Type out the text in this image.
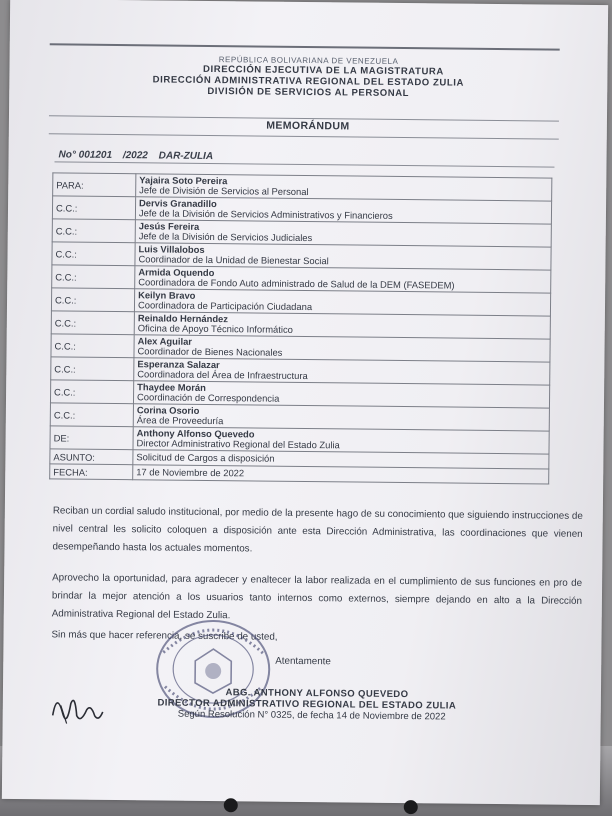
REPÚBLICA BOLIVARIANA DE VENEZUELA
DIRECCIÓN EJECUTIVA DE LA MAGISTRATURA
DIRECCIÓN ADMINISTRATIVA REGIONAL DEL ESTADO ZULIA
DIVISIÓN DE SERVICIOS AL PERSONAL
MEMORÁNDUM
No° 001201 /2022 DAR-ZULIA
PARA:	Yajaira Soto Pereira
Jefe de División de Servicios al Personal

C.C.:	Dervis Granadillo
Jefe de la División de Servicios Administrativos y Financieros

C.C.:	Jesús Fereira
Jefe de la División de Servicios Judiciales

C.C.:	Luis Villalobos
Coordinador de la Unidad de Bienestar Social

C.C.:	Armida Oquendo
Coordinadora de Fondo Auto administrado de Salud de la DEM (FASEDEM)

C.C.:	Keilyn Bravo
Coordinadora de Participación Ciudadana

C.C.:	Reinaldo Hernández
Oficina de Apoyo Técnico Informático

C.C.:	Alex Aguilar
Coordinador de Bienes Nacionales

C.C.:	Esperanza Salazar
Coordinadora del Área de Infraestructura

C.C.:	Thaydee Morán
Coordinación de Correspondencia

C.C.:	Corina Osorio
Área de Proveeduría

DE:	Anthony Alfonso Quevedo
Director Administrativo Regional del Estado Zulia

ASUNTO:	Solicitud de Cargos a disposición

FECHA:	17 de Noviembre de 2022
Reciban un cordial saludo institucional, por medio de la presente hago de su conocimiento que siguiendo instrucciones de nivel central les solicito coloquen a disposición ante esta Dirección Administrativa, las coordinaciones que vienen desempeñando hasta los actuales momentos.
Aprovecho la oportunidad, para agradecer y enaltecer la labor realizada en el cumplimiento de sus funciones en pro de brindar la mejor atención a los usuarios tanto internos como externos, siempre dejando en alto a la Dirección Administrativa Regional del Estado Zulia.
Sin más que hacer referencia, se suscribe de usted,
Atentamente
ABG. ANTHONY ALFONSO QUEVEDO
DIRECTOR ADMINISTRATIVO REGIONAL DEL ESTADO ZULIA
Según Resolución N° 0325, de fecha 14 de Noviembre de 2022
